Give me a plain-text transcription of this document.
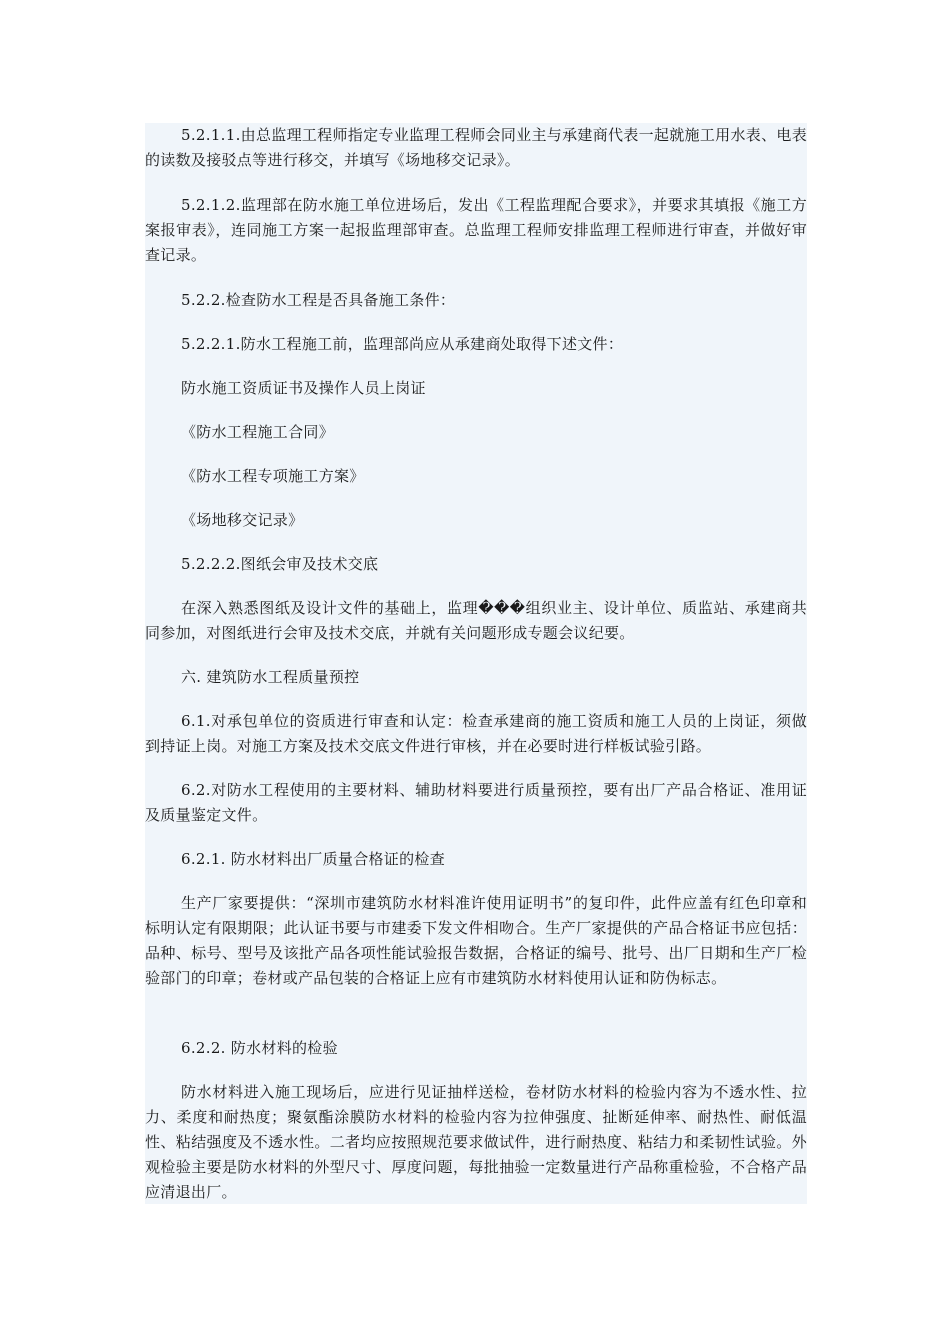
5.2.1.1.由总监理工程师指定专业监理工程师会同业主与承建商代表一起就施工用水表、电表的读数及接驳点等进行移交，并填写《场地移交记录》。

5.2.1.2.监理部在防水施工单位进场后，发出《工程监理配合要求》，并要求其填报《施工方案报审表》，连同施工方案一起报监理部审查。总监理工程师安排监理工程师进行审查，并做好审查记录。

5.2.2.检查防水工程是否具备施工条件：

5.2.2.1.防水工程施工前，监理部尚应从承建商处取得下述文件：

防水施工资质证书及操作人员上岗证

《防水工程施工合同》

《防水工程专项施工方案》

《场地移交记录》

5.2.2.2.图纸会审及技术交底

在深入熟悉图纸及设计文件的基础上，监理���组织业主、设计单位、质监站、承建商共同参加，对图纸进行会审及技术交底，并就有关问题形成专题会议纪要。

六. 建筑防水工程质量预控

6.1.对承包单位的资质进行审查和认定：检查承建商的施工资质和施工人员的上岗证，须做到持证上岗。对施工方案及技术交底文件进行审核，并在必要时进行样板试验引路。

6.2.对防水工程使用的主要材料、辅助材料要进行质量预控，要有出厂产品合格证、准用证及质量鉴定文件。

6.2.1. 防水材料出厂质量合格证的检查

生产厂家要提供：“深圳市建筑防水材料准许使用证明书”的复印件，此件应盖有红色印章和标明认定有限期限；此认证书要与市建委下发文件相吻合。生产厂家提供的产品合格证书应包括：品种、标号、型号及该批产品各项性能试验报告数据，合格证的编号、批号、出厂日期和生产厂检验部门的印章；卷材或产品包装的合格证上应有市建筑防水材料使用认证和防伪标志。

6.2.2. 防水材料的检验

防水材料进入施工现场后，应进行见证抽样送检，卷材防水材料的检验内容为不透水性、拉力、柔度和耐热度；聚氨酯涂膜防水材料的检验内容为拉伸强度、扯断延伸率、耐热性、耐低温性、粘结强度及不透水性。二者均应按照规范要求做试件，进行耐热度、粘结力和柔韧性试验。外观检验主要是防水材料的外型尺寸、厚度问题，每批抽验一定数量进行产品称重检验，不合格产品应清退出厂。
